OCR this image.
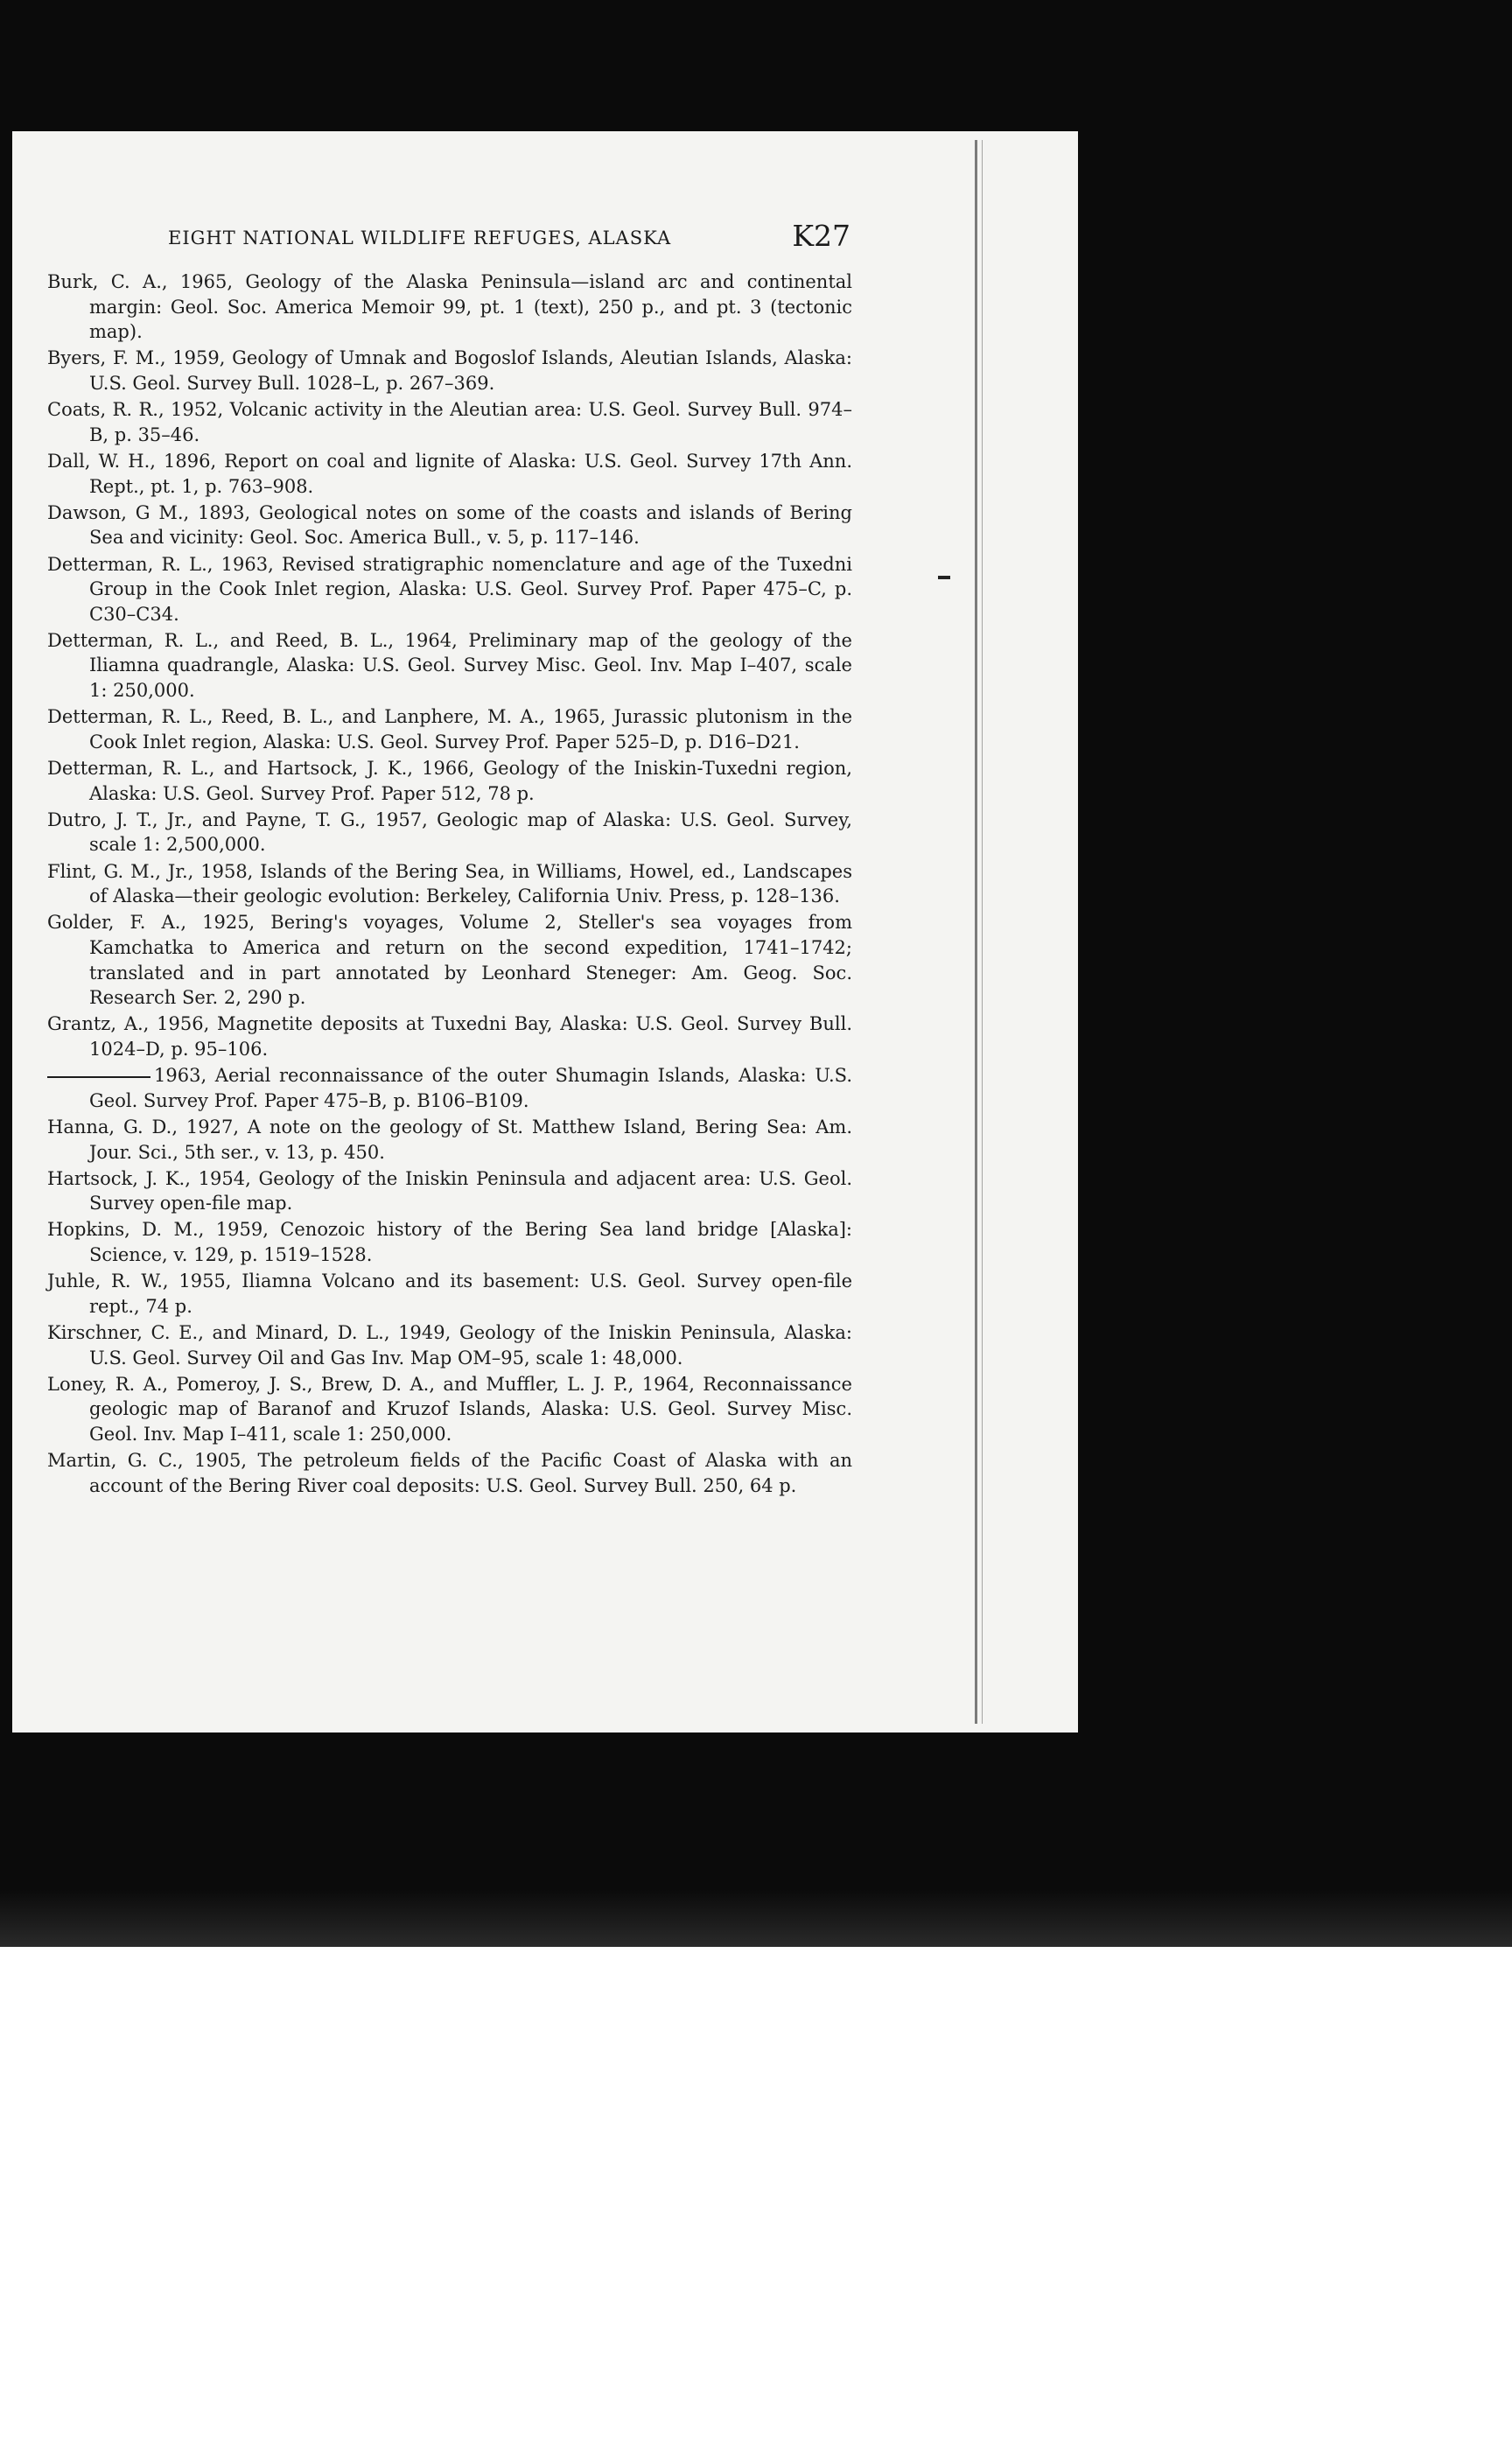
EIGHT NATIONAL WILDLIFE REFUGES, ALASKA	K27

Burk, C. A., 1965, Geology of the Alaska Peninsula—island arc and continental margin: Geol. Soc. America Memoir 99, pt. 1 (text), 250 p., and pt. 3 (tectonic map).

Byers, F. M., 1959, Geology of Umnak and Bogoslof Islands, Aleutian Islands, Alaska: U.S. Geol. Survey Bull. 1028–L, p. 267–369.

Coats, R. R., 1952, Volcanic activity in the Aleutian area: U.S. Geol. Survey Bull. 974–B, p. 35–46.

Dall, W. H., 1896, Report on coal and lignite of Alaska: U.S. Geol. Survey 17th Ann. Rept., pt. 1, p. 763–908.

Dawson, G M., 1893, Geological notes on some of the coasts and islands of Bering Sea and vicinity: Geol. Soc. America Bull., v. 5, p. 117–146.

Detterman, R. L., 1963, Revised stratigraphic nomenclature and age of the Tuxedni Group in the Cook Inlet region, Alaska: U.S. Geol. Survey Prof. Paper 475–C, p. C30–C34.

Detterman, R. L., and Reed, B. L., 1964, Preliminary map of the geology of the Iliamna quadrangle, Alaska: U.S. Geol. Survey Misc. Geol. Inv. Map I–407, scale 1: 250,000.

Detterman, R. L., Reed, B. L., and Lanphere, M. A., 1965, Jurassic plutonism in the Cook Inlet region, Alaska: U.S. Geol. Survey Prof. Paper 525–D, p. D16–D21.

Detterman, R. L., and Hartsock, J. K., 1966, Geology of the Iniskin-Tuxedni region, Alaska: U.S. Geol. Survey Prof. Paper 512, 78 p.

Dutro, J. T., Jr., and Payne, T. G., 1957, Geologic map of Alaska: U.S. Geol. Survey, scale 1: 2,500,000.

Flint, G. M., Jr., 1958, Islands of the Bering Sea, in Williams, Howel, ed., Landscapes of Alaska—their geologic evolution: Berkeley, California Univ. Press, p. 128–136.

Golder, F. A., 1925, Bering's voyages, Volume 2, Steller's sea voyages from Kamchatka to America and return on the second expedition, 1741–1742; translated and in part annotated by Leonhard Steneger: Am. Geog. Soc. Research Ser. 2, 290 p.

Grantz, A., 1956, Magnetite deposits at Tuxedni Bay, Alaska: U.S. Geol. Survey Bull. 1024–D, p. 95–106.

1963, Aerial reconnaissance of the outer Shumagin Islands, Alaska: U.S. Geol. Survey Prof. Paper 475–B, p. B106–B109.

Hanna, G. D., 1927, A note on the geology of St. Matthew Island, Bering Sea: Am. Jour. Sci., 5th ser., v. 13, p. 450.

Hartsock, J. K., 1954, Geology of the Iniskin Peninsula and adjacent area: U.S. Geol. Survey open-file map.

Hopkins, D. M., 1959, Cenozoic history of the Bering Sea land bridge [Alaska]: Science, v. 129, p. 1519–1528.

Juhle, R. W., 1955, Iliamna Volcano and its basement: U.S. Geol. Survey open-file rept., 74 p.

Kirschner, C. E., and Minard, D. L., 1949, Geology of the Iniskin Peninsula, Alaska: U.S. Geol. Survey Oil and Gas Inv. Map OM–95, scale 1: 48,000.

Loney, R. A., Pomeroy, J. S., Brew, D. A., and Muffler, L. J. P., 1964, Reconnaissance geologic map of Baranof and Kruzof Islands, Alaska: U.S. Geol. Survey Misc. Geol. Inv. Map I–411, scale 1: 250,000.

Martin, G. C., 1905, The petroleum fields of the Pacific Coast of Alaska with an account of the Bering River coal deposits: U.S. Geol. Survey Bull. 250, 64 p.
